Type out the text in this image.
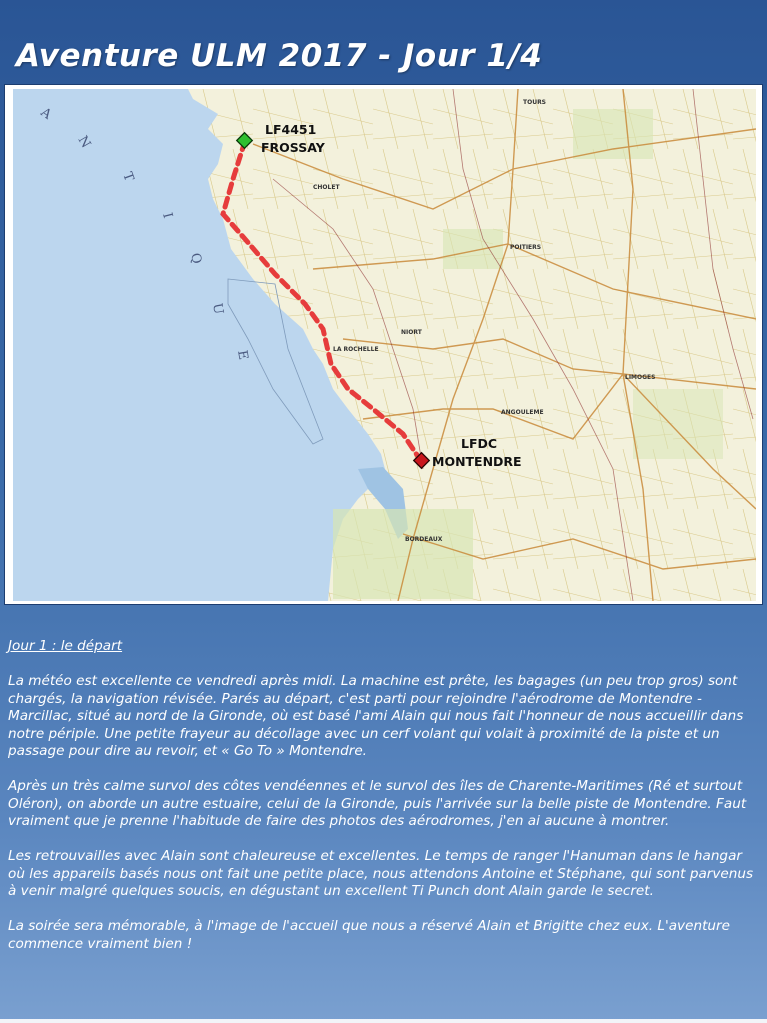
Aventure ULM 2017 - Jour 1/4
TOURS
POITIERS
LA ROCHELLE
LIMOGES
BORDEAUX
ANGOULEME
NIORT
CHOLET
A
N
T
I
Q
U
E
LF4451
FROSSAY
LFDC
MONTENDRE

Jour 1 : le départ

La météo est excellente ce vendredi après midi. La machine est prête, les bagages (un peu trop gros) sont chargés, la navigation révisée. Parés au départ, c'est parti pour rejoindre l'aérodrome de Montendre - Marcillac, situé au nord de la Gironde, où est basé l'ami Alain qui nous fait l'honneur de nous accueillir dans notre périple. Une petite frayeur au décollage avec un cerf volant qui volait à proximité de la piste et un passage pour dire au revoir, et « Go To » Montendre.

Après un très calme survol des côtes vendéennes et le survol des îles de Charente-Maritimes (Ré et surtout Oléron), on aborde un autre estuaire, celui de la Gironde, puis l'arrivée sur la belle piste de Montendre. Faut vraiment que je prenne l'habitude de faire des photos des aérodromes, j'en ai aucune à montrer.

Les retrouvailles avec Alain sont chaleureuse et excellentes. Le temps de ranger l'Hanuman dans le hangar où les appareils basés nous ont fait une petite place, nous attendons Antoine et Stéphane, qui sont parvenus à venir malgré quelques soucis, en dégustant un excellent Ti Punch dont Alain garde le secret.

La soirée sera mémorable, à l'image de l'accueil que nous a réservé Alain et Brigitte chez eux. L'aventure commence vraiment bien !
